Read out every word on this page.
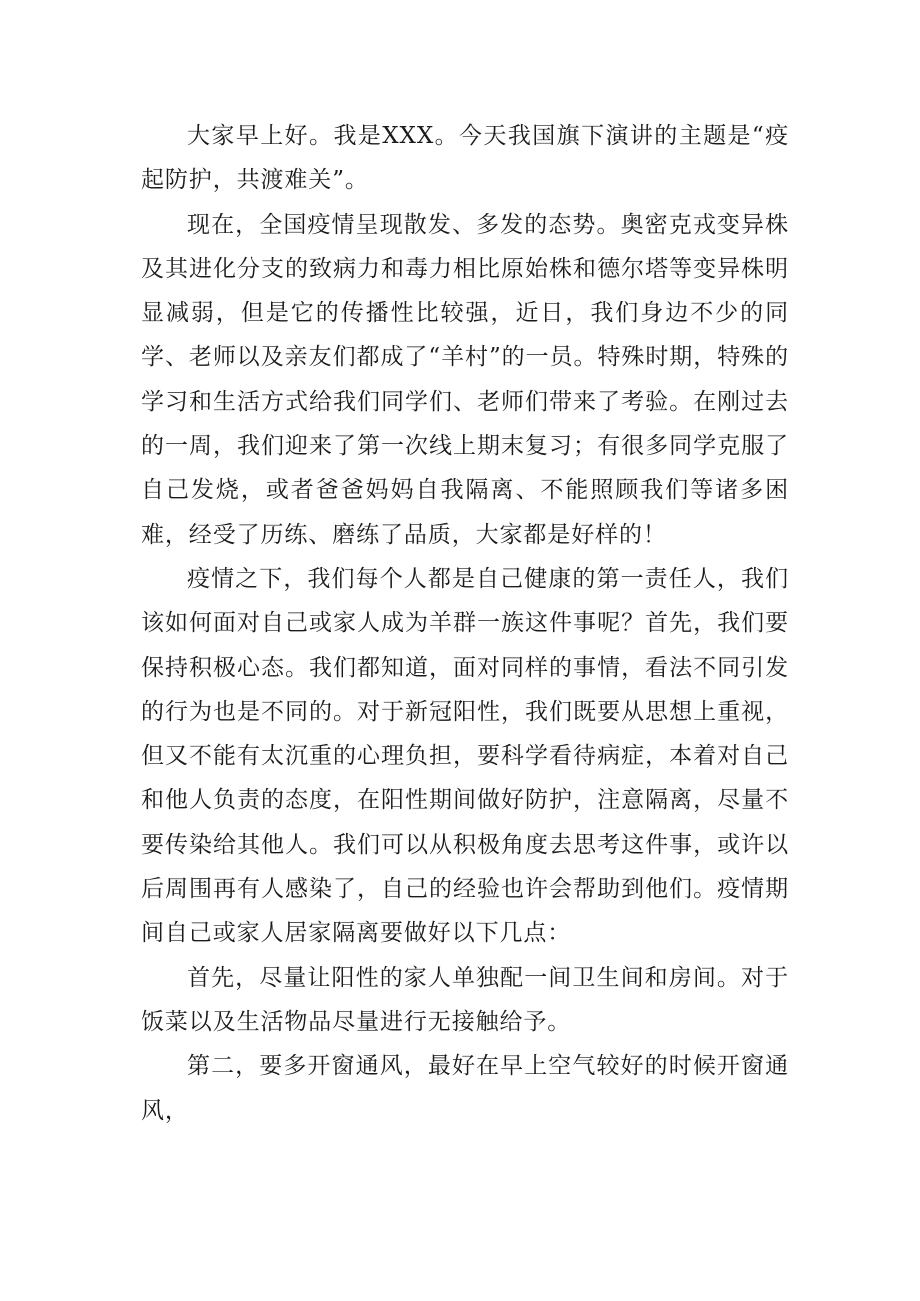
大家早上好。我是XXX。今天我国旗下演讲的主题是“疫起防护，共渡难关”。

现在，全国疫情呈现散发、多发的态势。奥密克戎变异株及其进化分支的致病力和毒力相比原始株和德尔塔等变异株明显减弱，但是它的传播性比较强，近日，我们身边不少的同学、老师以及亲友们都成了“羊村”的一员。特殊时期，特殊的学习和生活方式给我们同学们、老师们带来了考验。在刚过去的一周，我们迎来了第一次线上期末复习；有很多同学克服了自己发烧，或者爸爸妈妈自我隔离、不能照顾我们等诸多困难，经受了历练、磨练了品质，大家都是好样的！

疫情之下，我们每个人都是自己健康的第一责任人，我们该如何面对自己或家人成为羊群一族这件事呢？首先，我们要保持积极心态。我们都知道，面对同样的事情，看法不同引发的行为也是不同的。对于新冠阳性，我们既要从思想上重视，但又不能有太沉重的心理负担，要科学看待病症，本着对自己和他人负责的态度，在阳性期间做好防护，注意隔离，尽量不要传染给其他人。我们可以从积极角度去思考这件事，或许以后周围再有人感染了，自己的经验也许会帮助到他们。疫情期间自己或家人居家隔离要做好以下几点：

首先，尽量让阳性的家人单独配一间卫生间和房间。对于饭菜以及生活物品尽量进行无接触给予。

第二，要多开窗通风，最好在早上空气较好的时候开窗通风，
